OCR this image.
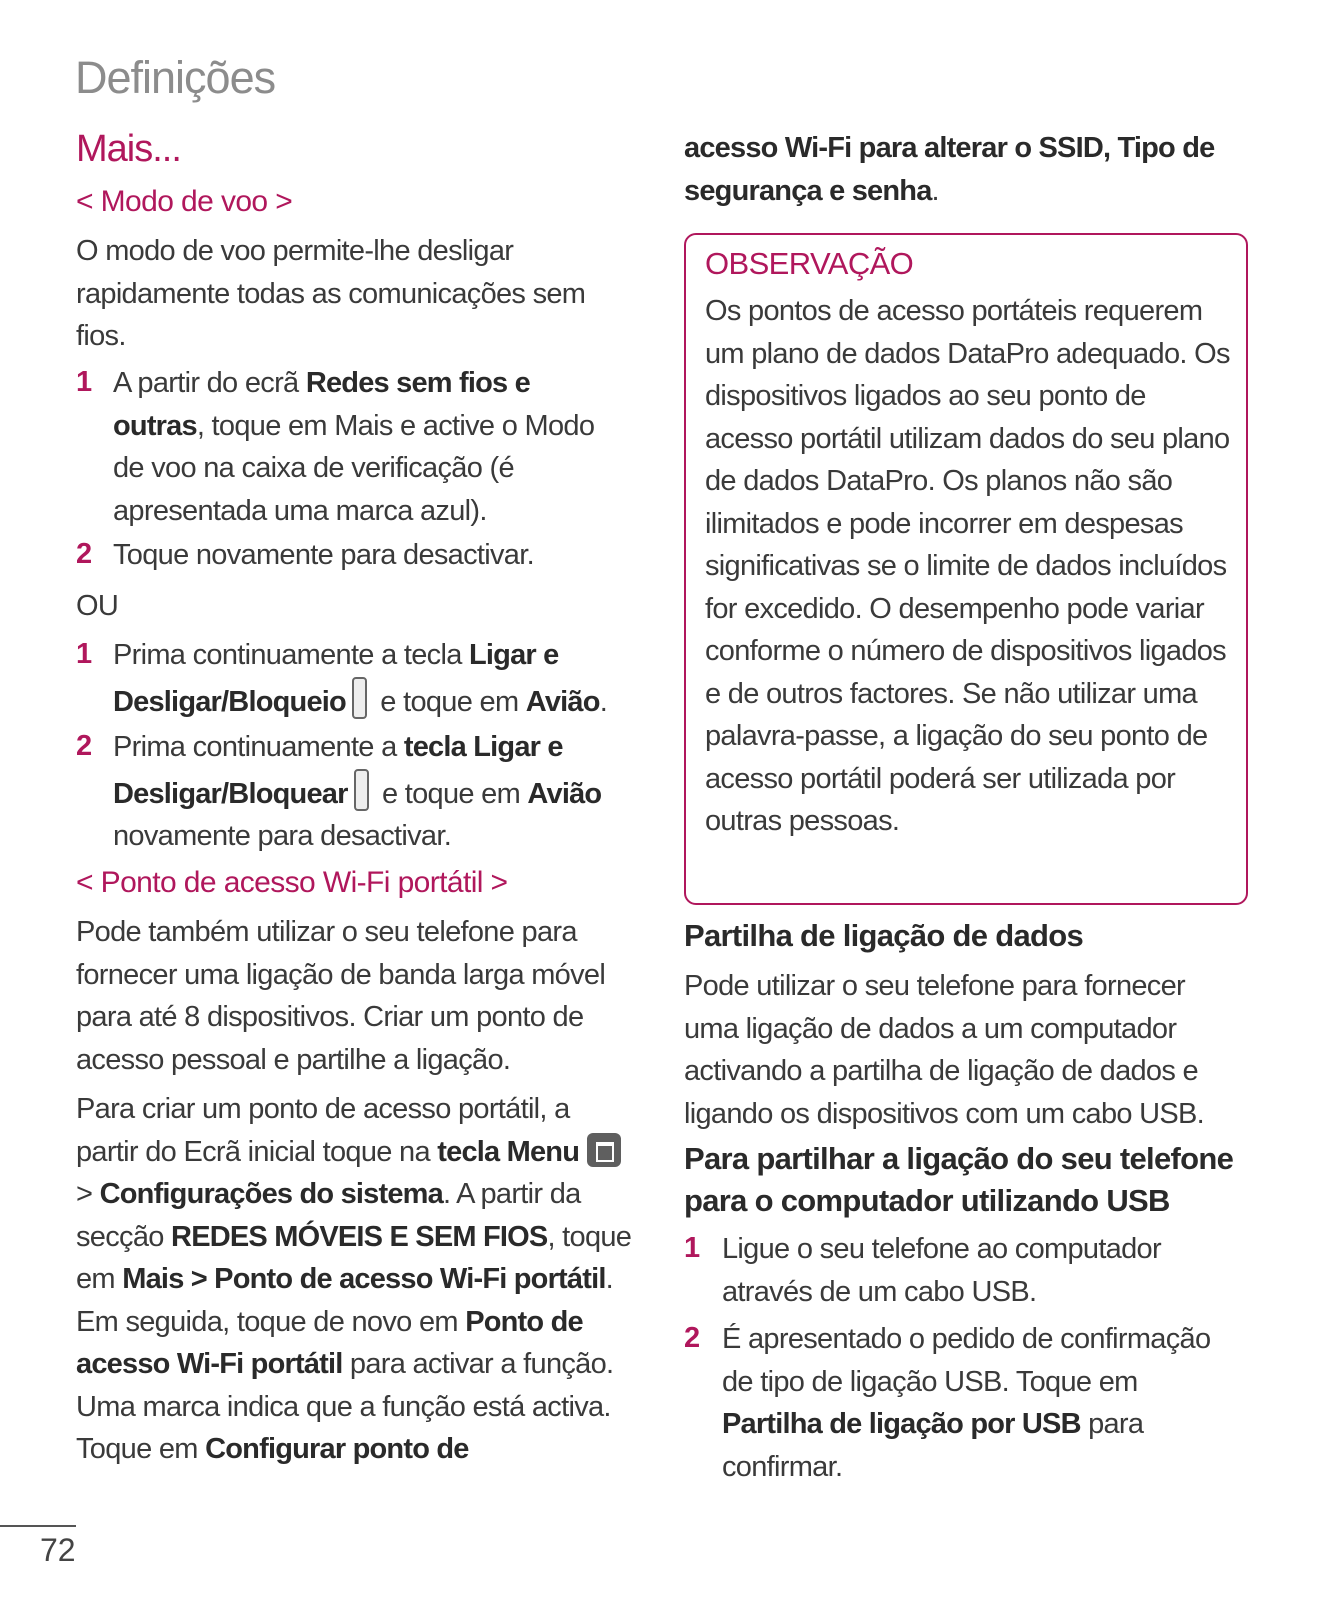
Definições
Mais...
< Modo de voo >
O modo de voo permite-lhe desligar rapidamente todas as comunicações sem fios.
1 A partir do ecrã Redes sem fios e outras, toque em Mais e active o Modo de voo na caixa de verificação (é apresentada uma marca azul).
2 Toque novamente para desactivar.
OU
1 Prima continuamente a tecla Ligar e Desligar/Bloqueio e toque em Avião.
2 Prima continuamente a tecla Ligar e Desligar/Bloquear e toque em Avião novamente para desactivar.
< Ponto de acesso Wi-Fi portátil >
Pode também utilizar o seu telefone para fornecer uma ligação de banda larga móvel para até 8 dispositivos. Criar um ponto de acesso pessoal e partilhe a ligação.
Para criar um ponto de acesso portátil, a partir do Ecrã inicial toque na tecla Menu  > Configurações do sistema. A partir da secção REDES MÓVEIS E SEM FIOS, toque em Mais > Ponto de acesso Wi-Fi portátil. Em seguida, toque de novo em Ponto de acesso Wi-Fi portátil para activar a função. Uma marca indica que a função está activa. Toque em Configurar ponto de
acesso Wi-Fi para alterar o SSID, Tipo de segurança e senha.
OBSERVAÇÃO
Os pontos de acesso portáteis requerem um plano de dados DataPro adequado. Os dispositivos ligados ao seu ponto de acesso portátil utilizam dados do seu plano de dados DataPro. Os planos não são ilimitados e pode incorrer em despesas significativas se o limite de dados incluídos for excedido. O desempenho pode variar conforme o número de dispositivos ligados e de outros factores. Se não utilizar uma palavra-passe, a ligação do seu ponto de acesso portátil poderá ser utilizada por outras pessoas.
Partilha de ligação de dados
Pode utilizar o seu telefone para fornecer uma ligação de dados a um computador activando a partilha de ligação de dados e ligando os dispositivos com um cabo USB.
Para partilhar a ligação do seu telefone para o computador utilizando USB
1 Ligue o seu telefone ao computador através de um cabo USB.
2 É apresentado o pedido de confirmação de tipo de ligação USB. Toque em Partilha de ligação por USB para confirmar.
72
